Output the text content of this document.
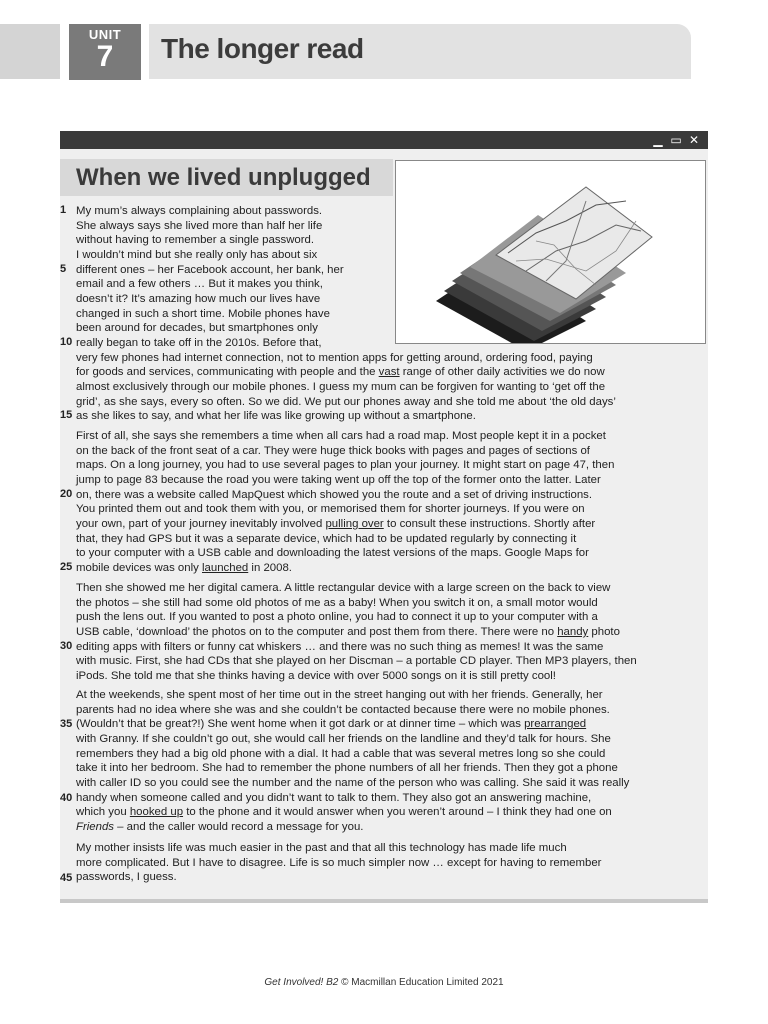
UNIT
7	The longer read
▁ ▭ ✕
When we lived unplugged
1
5
10
15
20
25
30
35
40
45

My mum’s always complaining about passwords.
She always says she lived more than half her life
without having to remember a single password.
I wouldn’t mind but she really only has about six
different ones – her Facebook account, her bank, her
email and a few others … But it makes you think,
doesn’t it? It’s amazing how much our lives have
changed in such a short time. Mobile phones have
been around for decades, but smartphones only
really began to take off in the 2010s. Before that,
very few phones had internet connection, not to mention apps for getting around, ordering food, paying
for goods and services, communicating with people and the vast range of other daily activities we do now
almost exclusively through our mobile phones. I guess my mum can be forgiven for wanting to ‘get off the
grid’, as she says, every so often. So we did. We put our phones away and she told me about ‘the old days’
as she likes to say, and what her life was like growing up without a smartphone.

First of all, she says she remembers a time when all cars had a road map. Most people kept it in a pocket
on the back of the front seat of a car. They were huge thick books with pages and pages of sections of
maps. On a long journey, you had to use several pages to plan your journey. It might start on page 47, then
jump to page 83 because the road you were taking went up off the top of the former onto the latter. Later
on, there was a website called MapQuest which showed you the route and a set of driving instructions.
You printed them out and took them with you, or memorised them for shorter journeys. If you were on
your own, part of your journey inevitably involved pulling over to consult these instructions. Shortly after
that, they had GPS but it was a separate device, which had to be updated regularly by connecting it
to your computer with a USB cable and downloading the latest versions of the maps. Google Maps for
mobile devices was only launched in 2008.

Then she showed me her digital camera. A little rectangular device with a large screen on the back to view
the photos – she still had some old photos of me as a baby! When you switch it on, a small motor would
push the lens out. If you wanted to post a photo online, you had to connect it up to your computer with a
USB cable, ‘download’ the photos on to the computer and post them from there. There were no handy photo
editing apps with filters or funny cat whiskers … and there was no such thing as memes! It was the same
with music. First, she had CDs that she played on her Discman – a portable CD player. Then MP3 players, then
iPods. She told me that she thinks having a device with over 5000 songs on it is still pretty cool!

At the weekends, she spent most of her time out in the street hanging out with her friends. Generally, her
parents had no idea where she was and she couldn’t be contacted because there were no mobile phones.
(Wouldn’t that be great?!) She went home when it got dark or at dinner time – which was prearranged
with Granny. If she couldn’t go out, she would call her friends on the landline and they’d talk for hours. She
remembers they had a big old phone with a dial. It had a cable that was several metres long so she could
take it into her bedroom. She had to remember the phone numbers of all her friends. Then they got a phone
with caller ID so you could see the number and the name of the person who was calling. She said it was really
handy when someone called and you didn’t want to talk to them. They also got an answering machine,
which you hooked up to the phone and it would answer when you weren’t around – I think they had one on
Friends – and the caller would record a message for you.

My mother insists life was much easier in the past and that all this technology has made life much
more complicated. But I have to disagree. Life is so much simpler now … except for having to remember
passwords, I guess.

Get Involved! B2 © Macmillan Education Limited 2021
